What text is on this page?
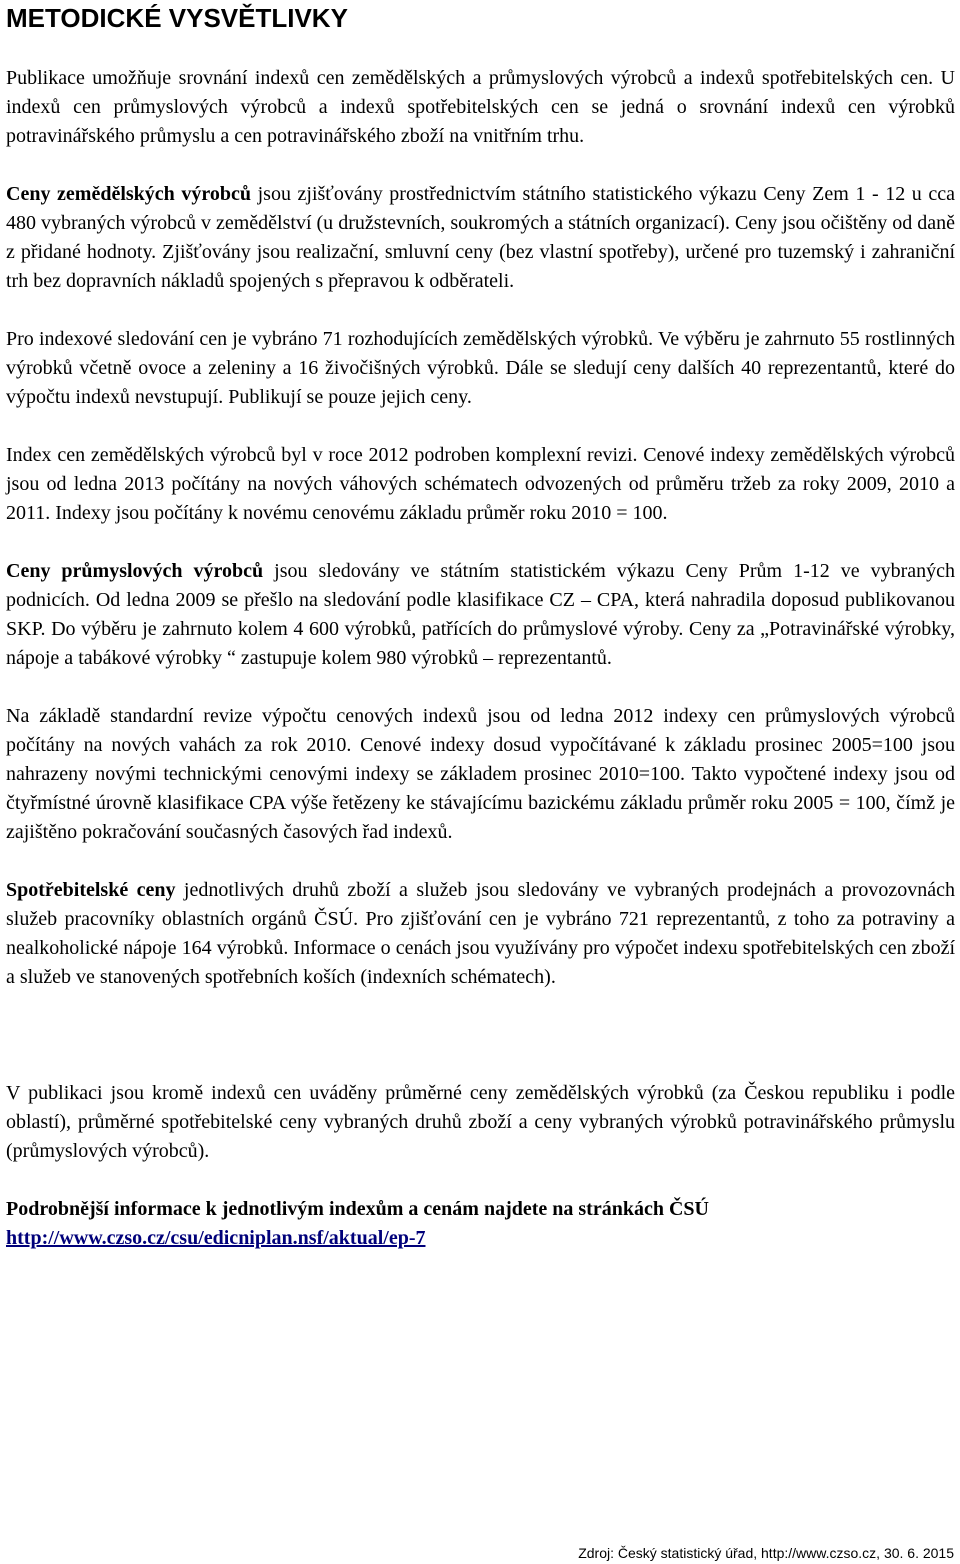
METODICKÉ VYSVĚTLIVKY

Publikace umožňuje srovnání indexů cen zemědělských a průmyslových výrobců a indexů spotřebitelských cen. U indexů cen průmyslových výrobců a indexů spotřebitelských cen se jedná o srovnání indexů cen výrobků potravinářského průmyslu a cen potravinářského zboží na vnitřním trhu.

Ceny zemědělských výrobců jsou zjišťovány prostřednictvím státního statistického výkazu Ceny Zem 1 - 12 u cca 480 vybraných výrobců v zemědělství (u družstevních, soukromých a státních organizací). Ceny jsou očištěny od daně z přidané hodnoty. Zjišťovány jsou realizační, smluvní ceny (bez vlastní spotřeby), určené pro tuzemský i zahraniční trh bez dopravních nákladů spojených s přepravou k odběrateli.

Pro indexové sledování cen je vybráno 71 rozhodujících zemědělských výrobků. Ve výběru je zahrnuto 55 rostlinných výrobků včetně ovoce a zeleniny a 16 živočišných výrobků. Dále se sledují ceny dalších 40 reprezentantů, které do výpočtu indexů nevstupují. Publikují se pouze jejich ceny.

Index cen zemědělských výrobců byl v roce 2012 podroben komplexní revizi. Cenové indexy zemědělských výrobců jsou od ledna 2013 počítány na nových váhových schématech odvozených od průměru tržeb za roky 2009, 2010 a 2011. Indexy jsou počítány k novému cenovému základu průměr roku 2010 = 100.

Ceny průmyslových výrobců jsou sledovány ve státním statistickém výkazu Ceny Prům 1-12 ve vybraných podnicích. Od ledna 2009 se přešlo na sledování podle klasifikace CZ – CPA, která nahradila doposud publikovanou SKP. Do výběru je zahrnuto kolem 4 600 výrobků, patřících do průmyslové výroby. Ceny za „Potravinářské výrobky, nápoje a tabákové výrobky “ zastupuje kolem 980 výrobků – reprezentantů.

Na základě standardní revize výpočtu cenových indexů jsou od ledna 2012 indexy cen průmyslových výrobců počítány na nových vahách za rok 2010. Cenové indexy dosud vypočítávané k základu prosinec 2005=100 jsou nahrazeny novými technickými cenovými indexy se základem prosinec 2010=100. Takto vypočtené indexy jsou od čtyřmístné úrovně klasifikace CPA výše řetězeny ke stávajícímu bazickému základu průměr roku 2005 = 100, čímž je zajištěno pokračování současných časových řad indexů.

Spotřebitelské ceny jednotlivých druhů zboží a služeb jsou sledovány ve vybraných prodejnách a provozovnách služeb pracovníky oblastních orgánů ČSÚ. Pro zjišťování cen je vybráno 721 reprezentantů, z toho za potraviny a nealkoholické nápoje 164 výrobků. Informace o cenách jsou využívány pro výpočet indexu spotřebitelských cen zboží a služeb ve stanovených spotřebních koších (indexních schématech).

V publikaci jsou kromě indexů cen uváděny průměrné ceny zemědělských výrobků (za Českou republiku i podle oblastí), průměrné spotřebitelské ceny vybraných druhů zboží a ceny vybraných výrobků potravinářského průmyslu (průmyslových výrobců).

Podrobnější informace k jednotlivým indexům a cenám najdete na stránkách ČSÚ
http://www.czso.cz/csu/edicniplan.nsf/aktual/ep-7

Zdroj: Český statistický úřad, http://www.czso.cz, 30. 6. 2015
